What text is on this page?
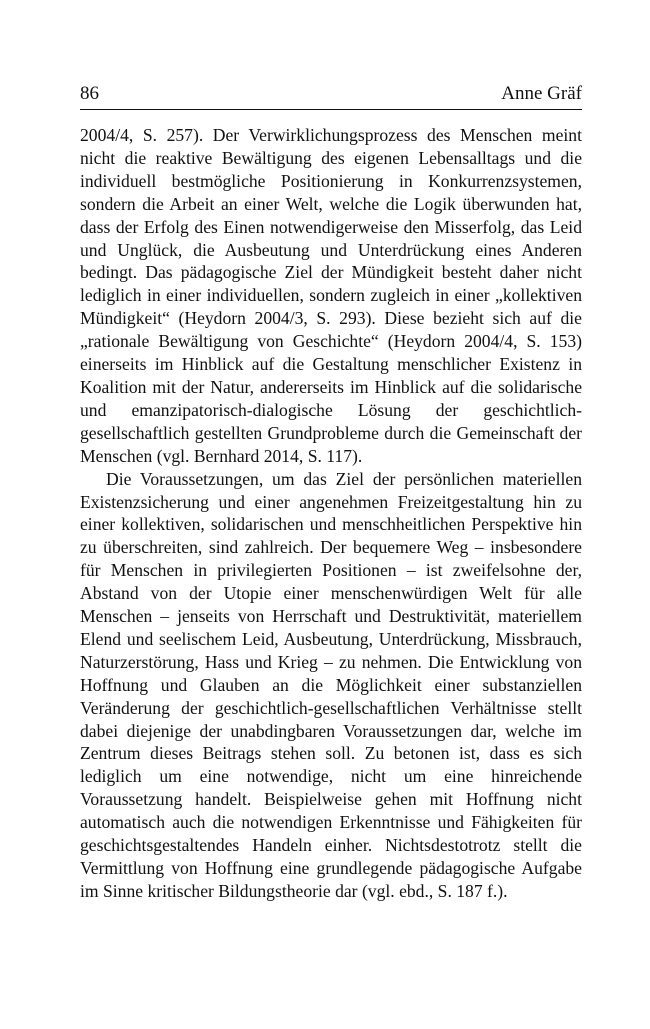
86	Anne Gräf

2004/4, S. 257). Der Verwirklichungsprozess des Menschen meint nicht die reaktive Bewältigung des eigenen Lebensalltags und die individuell bestmögliche Positionierung in Konkurrenzsystemen, sondern die Arbeit an einer Welt, welche die Logik überwunden hat, dass der Erfolg des Einen notwendigerweise den Misserfolg, das Leid und Unglück, die Ausbeutung und Unterdrückung eines Anderen bedingt. Das pädagogische Ziel der Mündigkeit besteht daher nicht lediglich in einer individuellen, sondern zugleich in einer „kollektiven Mündigkeit“ (Heydorn 2004/3, S. 293). Diese bezieht sich auf die „rationale Bewältigung von Geschichte“ (Heydorn 2004/4, S. 153) einerseits im Hinblick auf die Gestaltung menschlicher Existenz in Koalition mit der Natur, andererseits im Hinblick auf die solidarische und emanzipatorisch-dialogische Lösung der geschichtlich-gesellschaftlich gestellten Grundprobleme durch die Gemeinschaft der Menschen (vgl. Bernhard 2014, S. 117).

Die Voraussetzungen, um das Ziel der persönlichen materiellen Existenzsicherung und einer angenehmen Freizeitgestaltung hin zu einer kollektiven, solidarischen und menschheitlichen Perspektive hin zu überschreiten, sind zahlreich. Der bequemere Weg – insbesondere für Menschen in privilegierten Positionen – ist zweifelsohne der, Abstand von der Utopie einer menschenwürdigen Welt für alle Menschen – jenseits von Herrschaft und Destruktivität, materiellem Elend und seelischem Leid, Ausbeutung, Unterdrückung, Missbrauch, Naturzerstörung, Hass und Krieg – zu nehmen. Die Entwicklung von Hoffnung und Glauben an die Möglichkeit einer substanziellen Veränderung der geschichtlich-gesellschaftlichen Verhältnisse stellt dabei diejenige der unabdingbaren Voraussetzungen dar, welche im Zentrum dieses Beitrags stehen soll. Zu betonen ist, dass es sich lediglich um eine notwendige, nicht um eine hinreichende Voraussetzung handelt. Beispielweise gehen mit Hoffnung nicht automatisch auch die notwendigen Erkenntnisse und Fähigkeiten für geschichtsgestaltendes Handeln einher. Nichtsdestotrotz stellt die Vermittlung von Hoffnung eine grundlegende pädagogische Aufgabe im Sinne kritischer Bildungstheorie dar (vgl. ebd., S. 187 f.).
